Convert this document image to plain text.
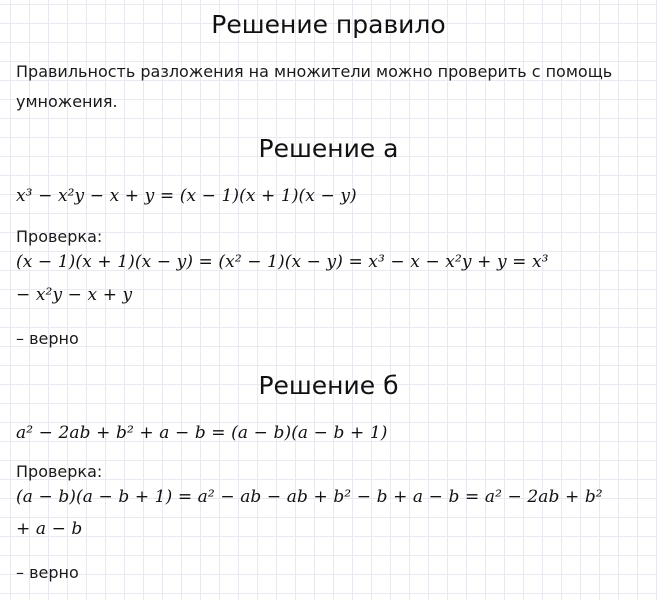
Решение правило
Правильность разложения на множители можно проверить с помощь
умножения.
Решение а
x³ − x²y − x + y = (x − 1)(x + 1)(x − y)
Проверка:
(x − 1)(x + 1)(x − y) = (x² − 1)(x − y) = x³ − x − x²y + y = x³
− x²y − x + y
– верно
Решение б
a² − 2ab + b² + a − b = (a − b)(a − b + 1)
Проверка:
(a − b)(a − b + 1) = a² − ab − ab + b² − b + a − b = a² − 2ab + b²
+ a − b
– верно
